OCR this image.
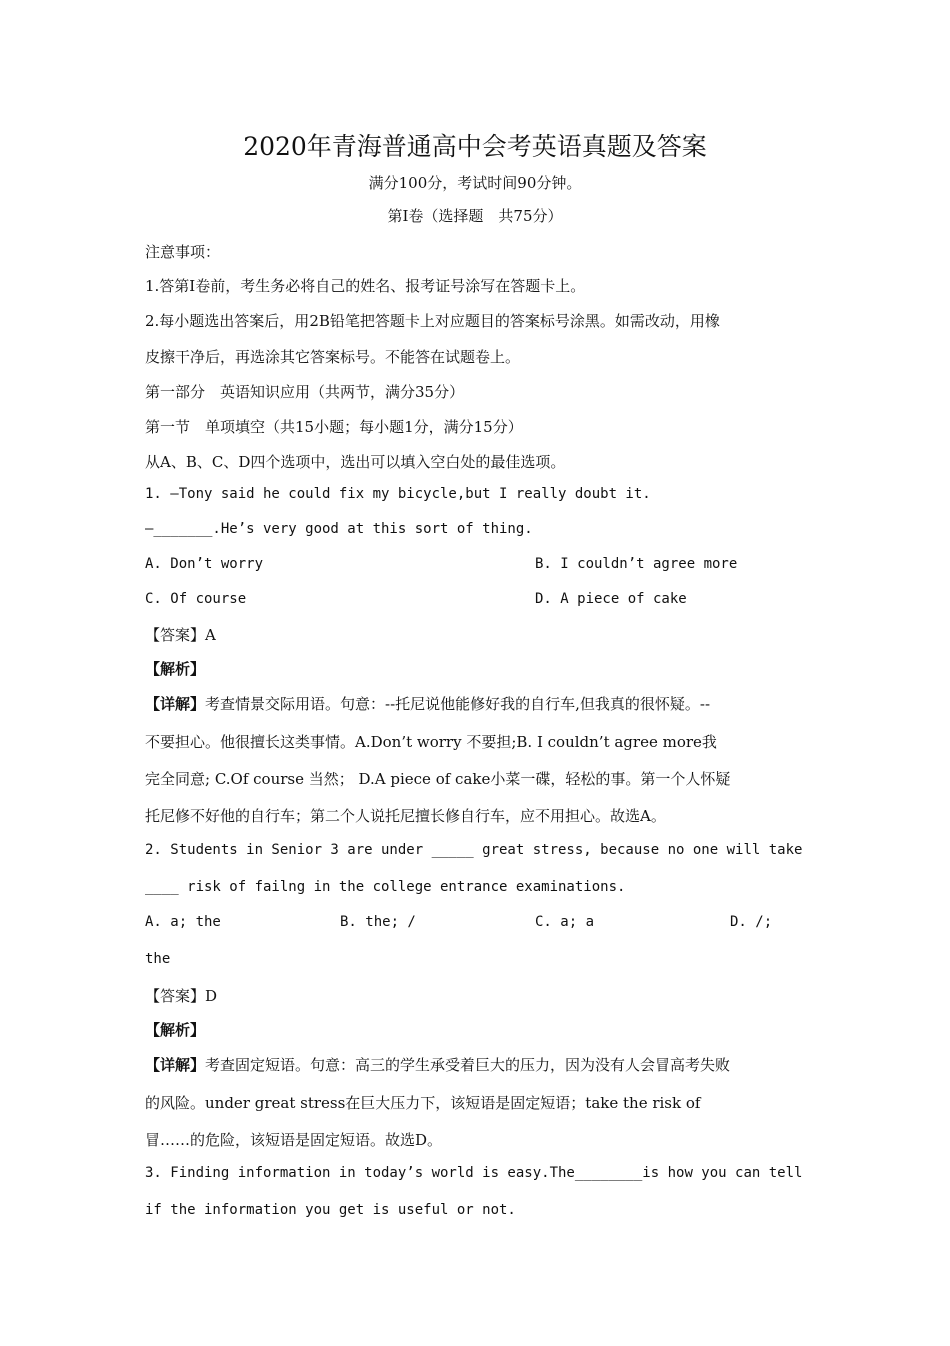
2020年青海普通高中会考英语真题及答案
满分100分，考试时间90分钟。
第Ⅰ卷（选择题　共75分）
注意事项：
1.答第Ⅰ卷前，考生务必将自己的姓名、报考证号涂写在答题卡上。
2.每小题选出答案后，用2B铅笔把答题卡上对应题目的答案标号涂黑。如需改动，用橡
皮擦干净后，再选涂其它答案标号。不能答在试题卷上。
第一部分　英语知识应用（共两节，满分35分）
第一节　单项填空（共15小题；每小题1分，满分15分）
从A、B、C、D四个选项中，选出可以填入空白处的最佳选项。
1. —Tony said he could fix my bicycle,but I really doubt it.
—_______.He’s very good at this sort of thing.
A. Don’t worry	B. I couldn’t agree more
C. Of course	D. A piece of cake
【答案】A
【解析】
【详解】考查情景交际用语。句意：--托尼说他能修好我的自行车,但我真的很怀疑。--
不要担心。他很擅长这类事情。A.Don’t worry 不要担;B. I couldn’t agree more我
完全同意; C.Of course 当然； D.A piece of cake小菜一碟，轻松的事。第一个人怀疑
托尼修不好他的自行车；第二个人说托尼擅长修自行车，应不用担心。故选A。
2. Students in Senior 3 are under _____ great stress, because no one will take
____ risk of failng in the college entrance examinations.
A. a; the	B. the; /	C. a; a	D. /;
the
【答案】D
【解析】
【详解】考查固定短语。句意：高三的学生承受着巨大的压力，因为没有人会冒高考失败
的风险。under great stress在巨大压力下，该短语是固定短语；take the risk of
冒……的危险，该短语是固定短语。故选D。
3. Finding information in today’s world is easy.The________is how you can tell
if the information you get is useful or not.
